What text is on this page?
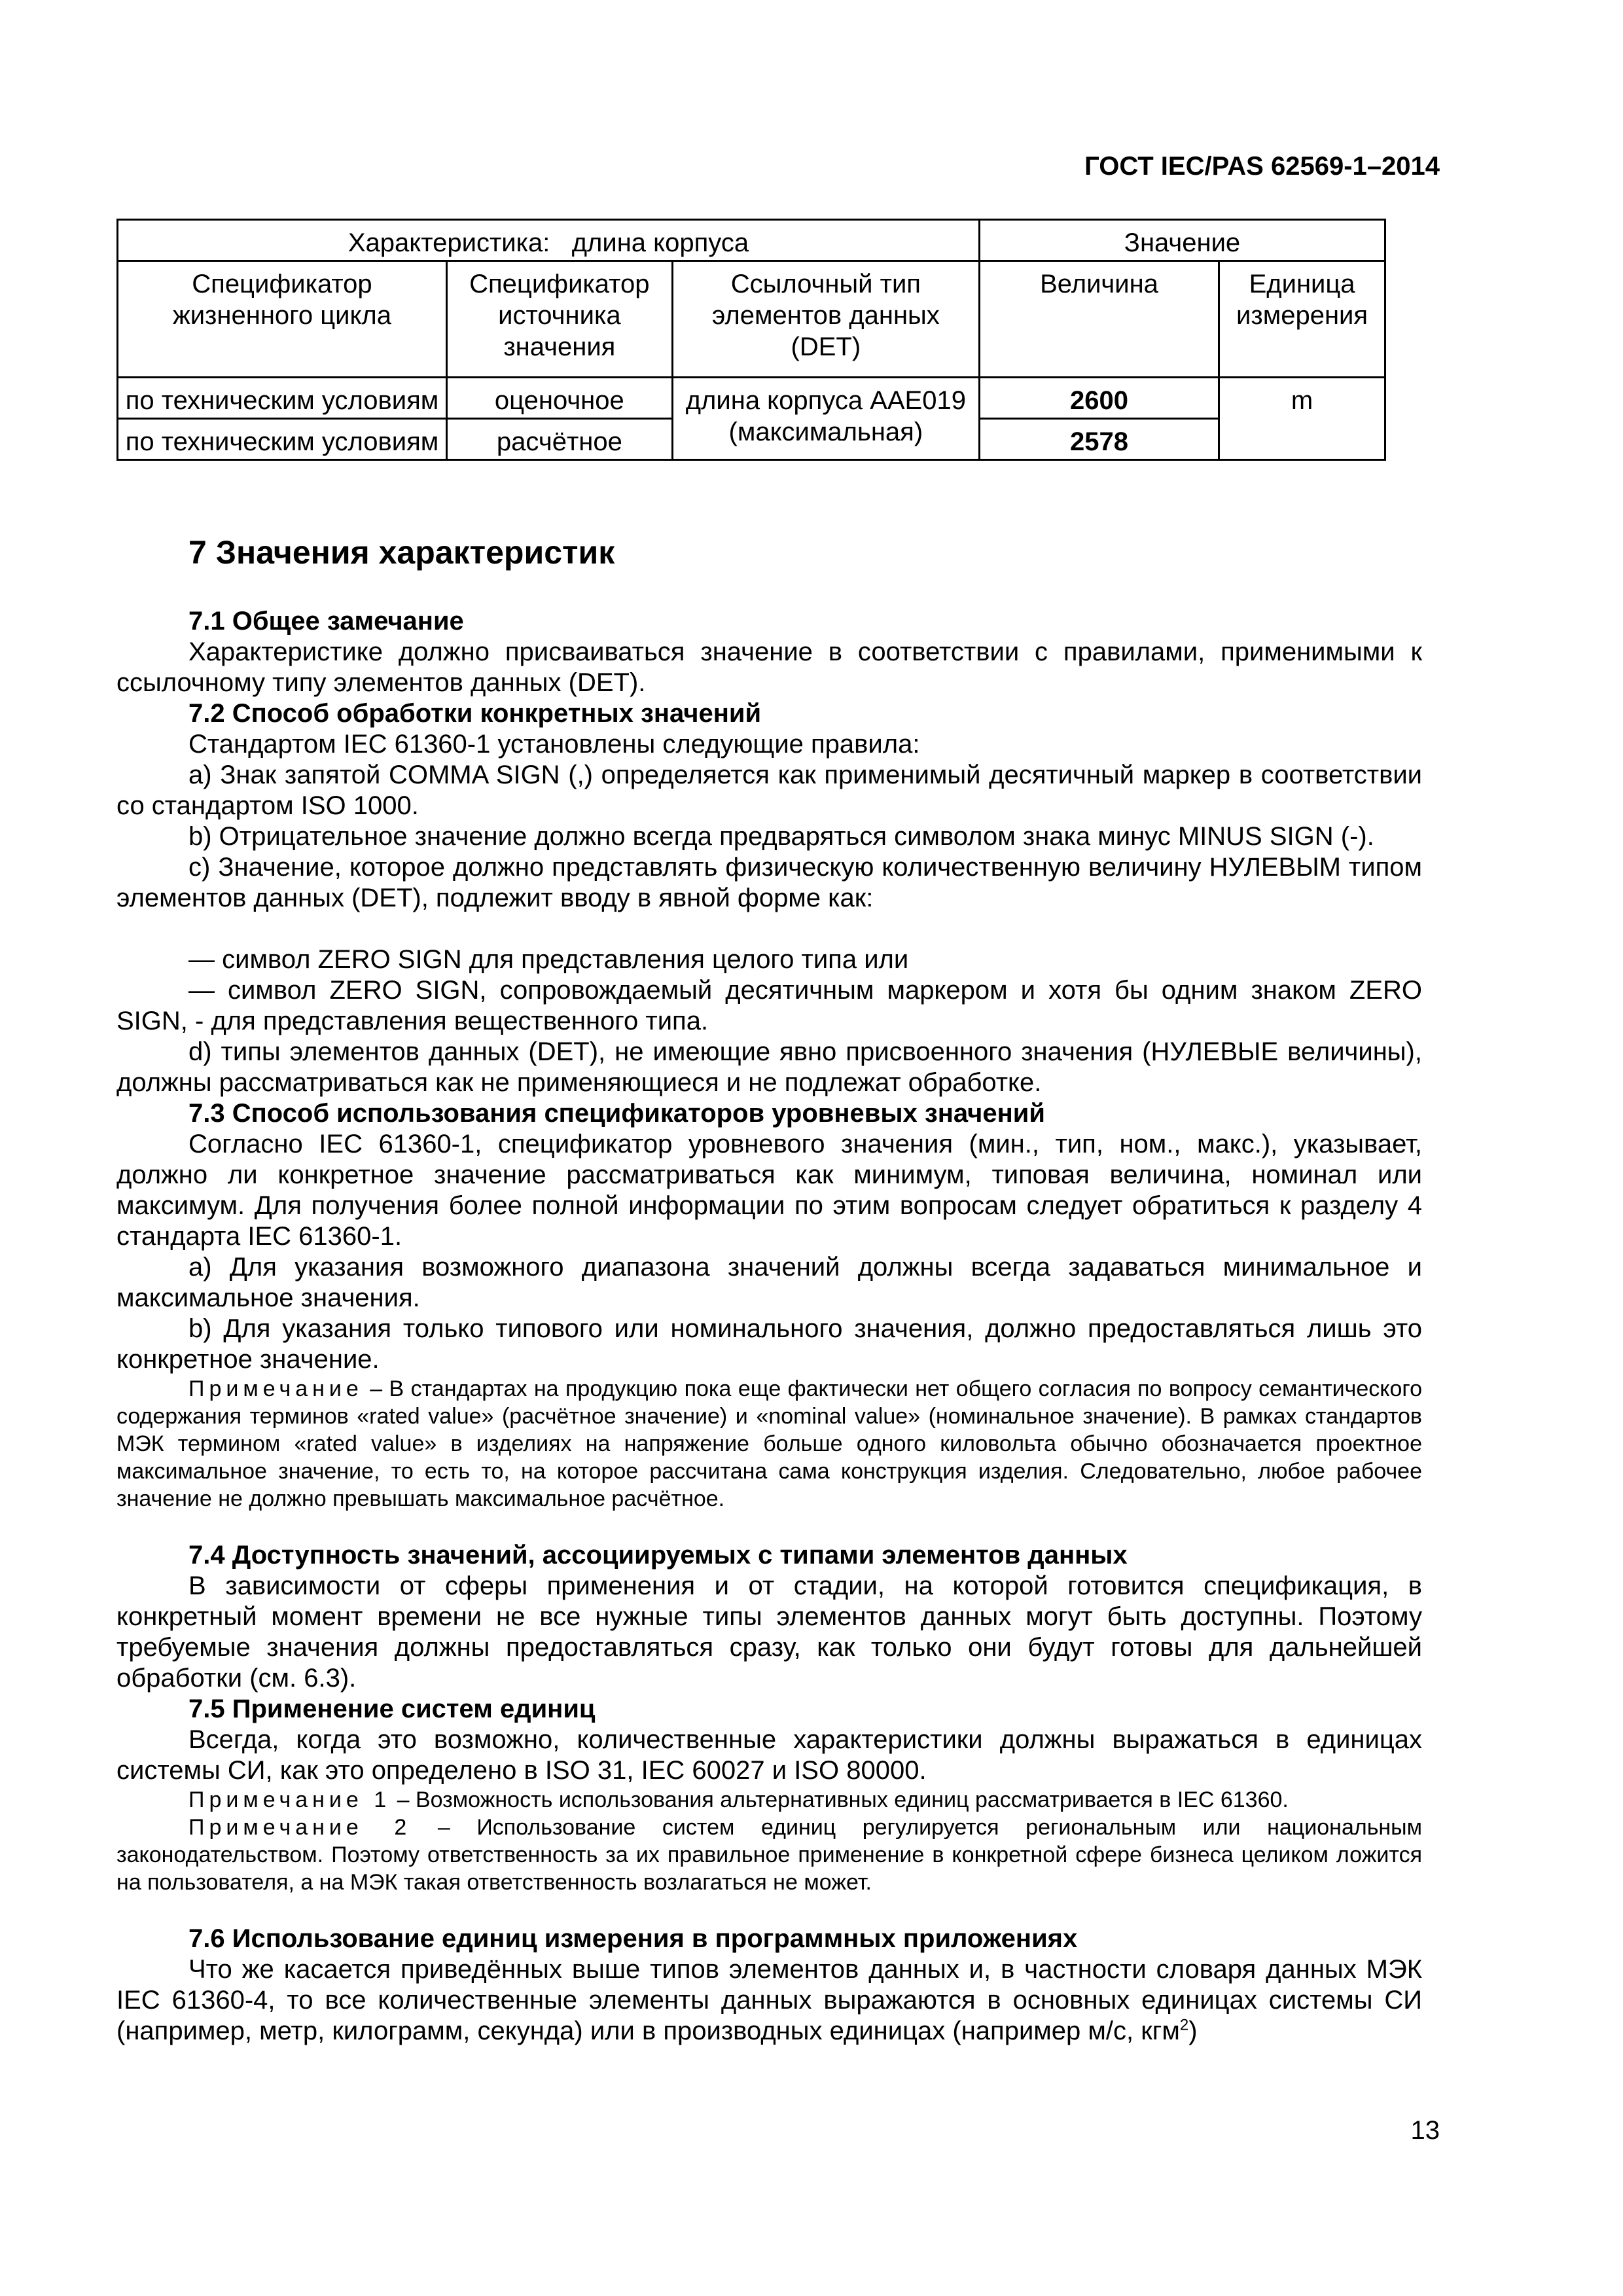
ГОСТ IEC/PAS 62569-1–2014
Характеристика:   длина корпуса			Значение	
Спецификатор жизненного цикла	Спецификатор источника значения	Ссылочный тип элементов данных (DET)	Величина	Единица измерения
по техническим условиям	оценочное	длина корпуса ААЕ019 (максимальная)	2600	m
по техническим условиям	расчётное		2578	
7 Значения характеристик
7.1 Общее замечание

Характеристике должно присваиваться значение в соответствии с правилами, применимыми к ссылочному типу элементов данных (DET).

7.2 Способ обработки конкретных значений

Стандартом IEC 61360-1 установлены следующие правила:

а) Знак запятой COMMA SIGN (,) определяется как применимый десятичный маркер в соответствии со стандартом ISO 1000.

b) Отрицательное значение должно всегда предваряться символом знака минус MINUS SIGN (-).

c) Значение, которое должно представлять физическую количественную величину НУЛЕВЫМ типом элементов данных (DET), подлежит вводу в явной форме как:

— символ ZERO SIGN для представления целого типа или

— символ ZERO SIGN, сопровождаемый десятичным маркером и хотя бы одним знаком ZERO SIGN, - для представления вещественного типа.

d) типы элементов данных (DET), не имеющие явно присвоенного значения (НУЛЕВЫЕ величины), должны рассматриваться как не применяющиеся и не подлежат обработке.

7.3 Способ использования спецификаторов уровневых значений

Согласно IEC 61360-1, спецификатор уровневого значения (мин., тип, ном., макс.), указывает, должно ли конкретное значение рассматриваться как минимум, типовая величина, номинал или максимум. Для получения более полной информации по этим вопросам следует обратиться к разделу 4 стандарта IEC 61360-1.

а) Для указания возможного диапазона значений должны всегда задаваться минимальное и максимальное значения.

b) Для указания только типового или номинального значения, должно предоставляться лишь это конкретное значение.

Примечание – В стандартах на продукцию пока еще фактически нет общего согласия по вопросу семантического содержания терминов «rated value» (расчётное значение) и «nominal value» (номинальное значение). В рамках стандартов МЭК термином «rated value» в изделиях на напряжение больше одного киловольта обычно обозначается проектное максимальное значение, то есть то, на которое рассчитана сама конструкция изделия. Следовательно, любое рабочее значение не должно превышать максимальное расчётное.

7.4 Доступность значений, ассоциируемых с типами элементов данных

В зависимости от сферы применения и от стадии, на которой готовится спецификация, в конкретный момент времени не все нужные типы элементов данных могут быть доступны. Поэтому требуемые значения должны предоставляться сразу, как только они будут готовы для дальнейшей обработки (см. 6.3).

7.5 Применение систем единиц

Всегда, когда это возможно, количественные характеристики должны выражаться в единицах системы СИ, как это определено в ISO 31, IEC 60027 и ISO 80000.

Примечание 1 – Возможность использования альтернативных единиц рассматривается в IEC 61360.

Примечание 2 – Использование систем единиц регулируется региональным или национальным законодательством. Поэтому ответственность за их правильное применение в конкретной сфере бизнеса целиком ложится на пользователя, а на МЭК такая ответственность возлагаться не может.

7.6 Использование единиц измерения в программных приложениях

Что же касается приведённых выше типов элементов данных и, в частности словаря данных МЭК IEC 61360-4, то все количественные элементы данных выражаются в основных единицах системы СИ (например, метр, килограмм, секунда) или в производных единицах (например м/с, кгм$^2$)

13
